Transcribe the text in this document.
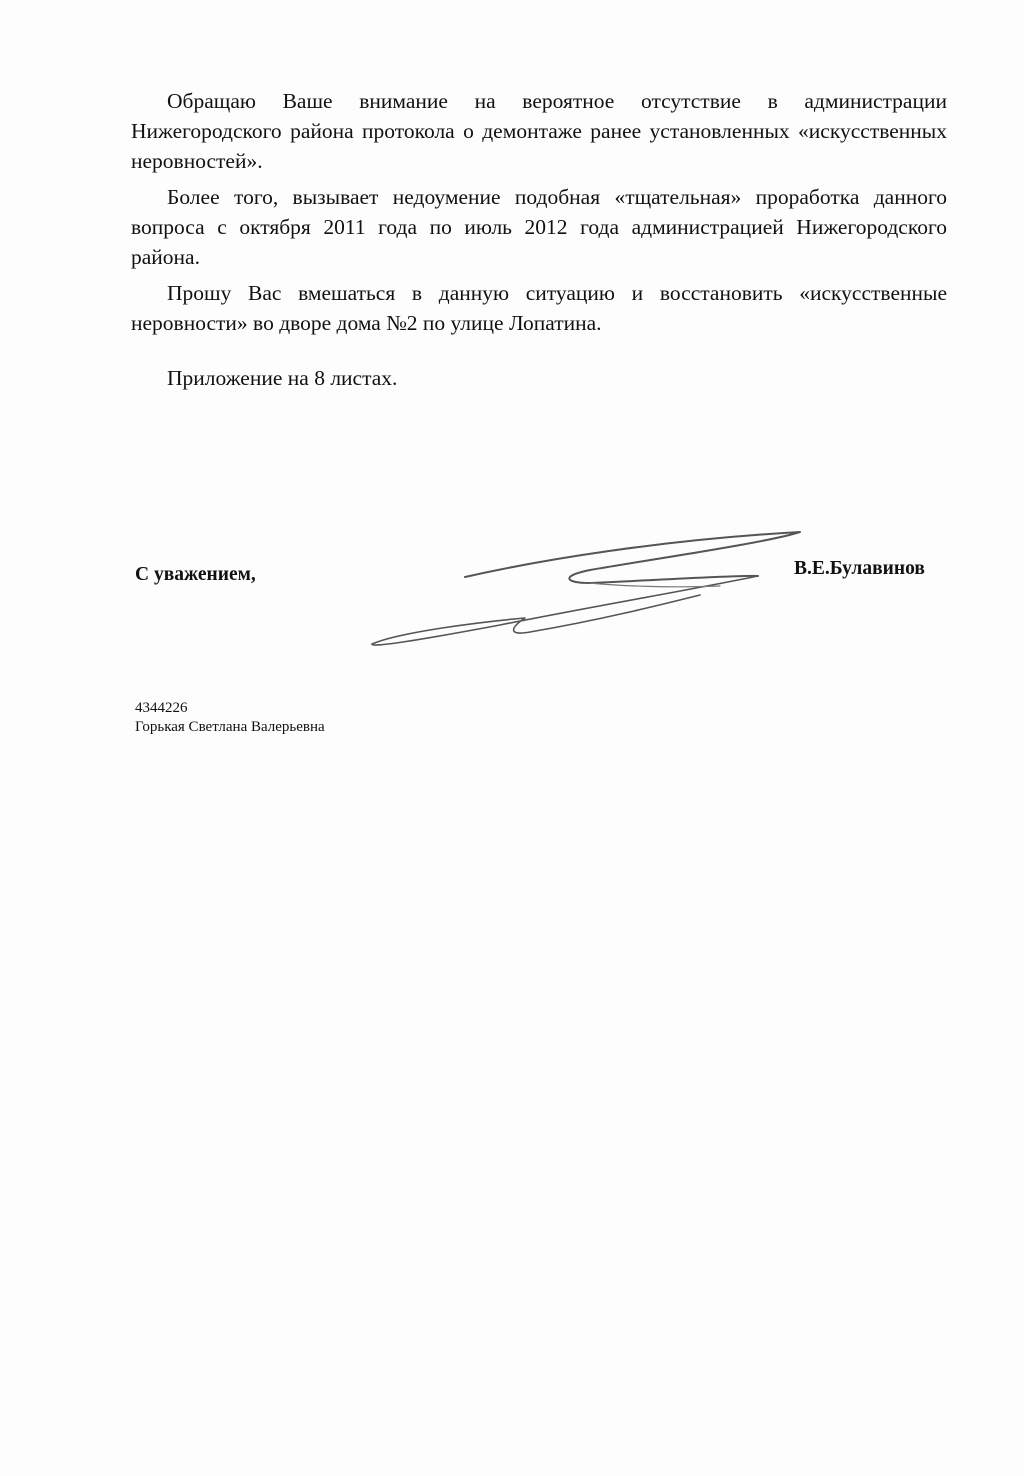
Обращаю Ваше внимание на вероятное отсутствие в администрации Нижегородского района протокола о демонтаже ранее установленных «искусственных неровностей».

Более того, вызывает недоумение подобная «тщательная» проработка данного вопроса с октября 2011 года по июль 2012 года администрацией Нижегородского района.

Прошу Вас вмешаться в данную ситуацию и восстановить «искусственные неровности» во дворе дома №2 по улице Лопатина.

Приложение на 8 листах.
С уважением,	В.Е.Булавинов
4344226
Горькая Светлана Валерьевна
